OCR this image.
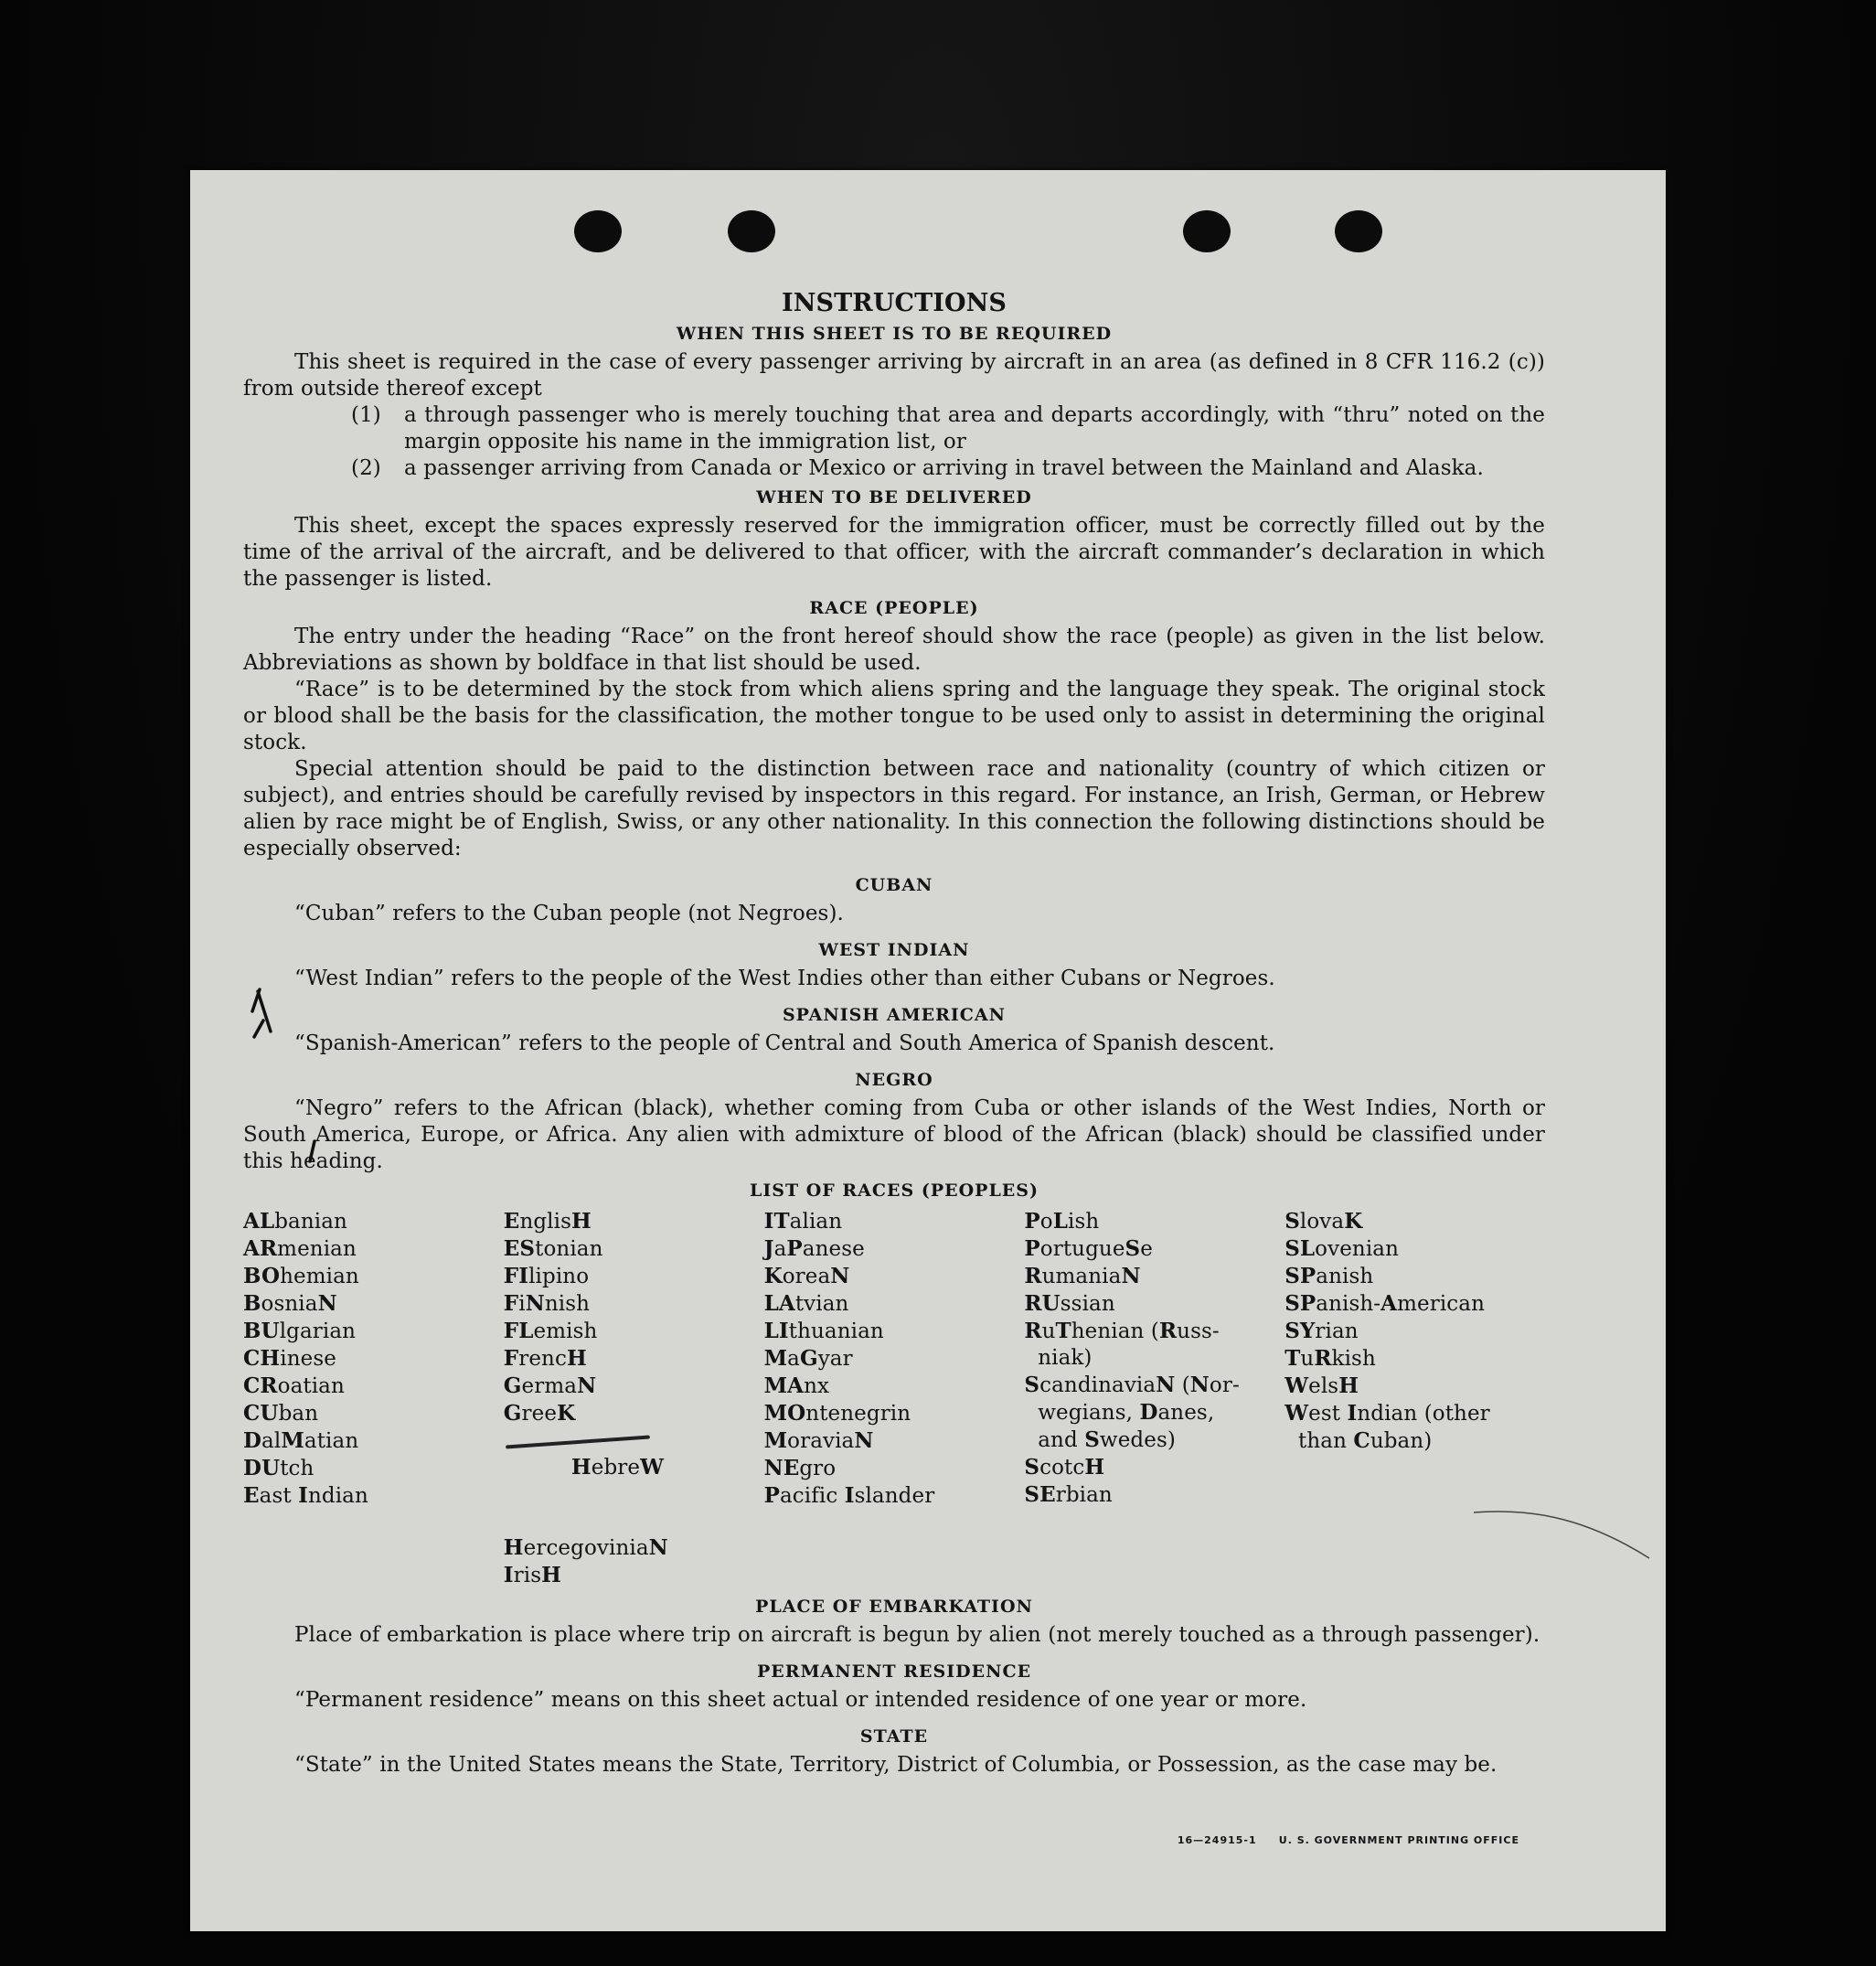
INSTRUCTIONS
WHEN THIS SHEET IS TO BE REQUIRED

This sheet is required in the case of every passenger arriving by aircraft in an area (as defined in 8 CFR 116.2 (c)) from outside thereof except

(1)	a through passenger who is merely touching that area and departs accordingly, with “thru” noted on the margin opposite his name in the immigration list, or
(2)	a passenger arriving from Canada or Mexico or arriving in travel between the Mainland and Alaska.
WHEN TO BE DELIVERED

This sheet, except the spaces expressly reserved for the immigration officer, must be correctly filled out by the time of the arrival of the aircraft, and be delivered to that officer, with the aircraft commander’s declaration in which the passenger is listed.

RACE (PEOPLE)

The entry under the heading “Race” on the front hereof should show the race (people) as given in the list below. Abbreviations as shown by boldface in that list should be used.

“Race” is to be determined by the stock from which aliens spring and the language they speak. The original stock or blood shall be the basis for the classification, the mother tongue to be used only to assist in determining the original stock.

Special attention should be paid to the distinction between race and nationality (country of which citizen or subject), and entries should be carefully revised by inspectors in this regard. For instance, an Irish, German, or Hebrew alien by race might be of English, Swiss, or any other nationality. In this connection the following distinctions should be especially observed:

CUBAN

“Cuban” refers to the Cuban people (not Negroes).

WEST INDIAN

“West Indian” refers to the people of the West Indies other than either Cubans or Negroes.

SPANISH AMERICAN

“Spanish-American” refers to the people of Central and South America of Spanish descent.

NEGRO

“Negro” refers to the African (black), whether coming from Cuba or other islands of the West Indies, North or South America, Europe, or Africa. Any alien with admixture of blood of the African (black) should be classified under this heading.

LIST OF RACES (PEOPLES)
ALbanian
ARmenian
BOhemian
BosniaN
BUlgarian
CHinese
CRoatian
CUban
DalMatian
DUtch
East Indian
EnglisH
EStonian
FIlipino
FiNnish
FLemish
FrencH
GermaN
GreeK

HebreW

HercegoviniaN
IrisH
ITalian
JaPanese
KoreaN
LAtvian
LIthuanian
MaGyar
MAnx
MOntenegrin
MoraviaN
NEgro
Pacific Islander
PoLish
PortugueSe
RumaniaN
RUssian
RuThenian (Russ-
niak)
ScandinaviaN (Nor-
wegians, Danes,
and Swedes)
ScotcH
SErbian
SlovaK
SLovenian
SPanish
SPanish-American
SYrian
TuRkish
WelsH
West Indian (other
than Cuban)
PLACE OF EMBARKATION

Place of embarkation is place where trip on aircraft is begun by alien (not merely touched as a through passenger).

PERMANENT RESIDENCE

“Permanent residence” means on this sheet actual or intended residence of one year or more.

STATE

“State” in the United States means the State, Territory, District of Columbia, or Possession, as the case may be.

16—24915-1 U. S. GOVERNMENT PRINTING OFFICE
